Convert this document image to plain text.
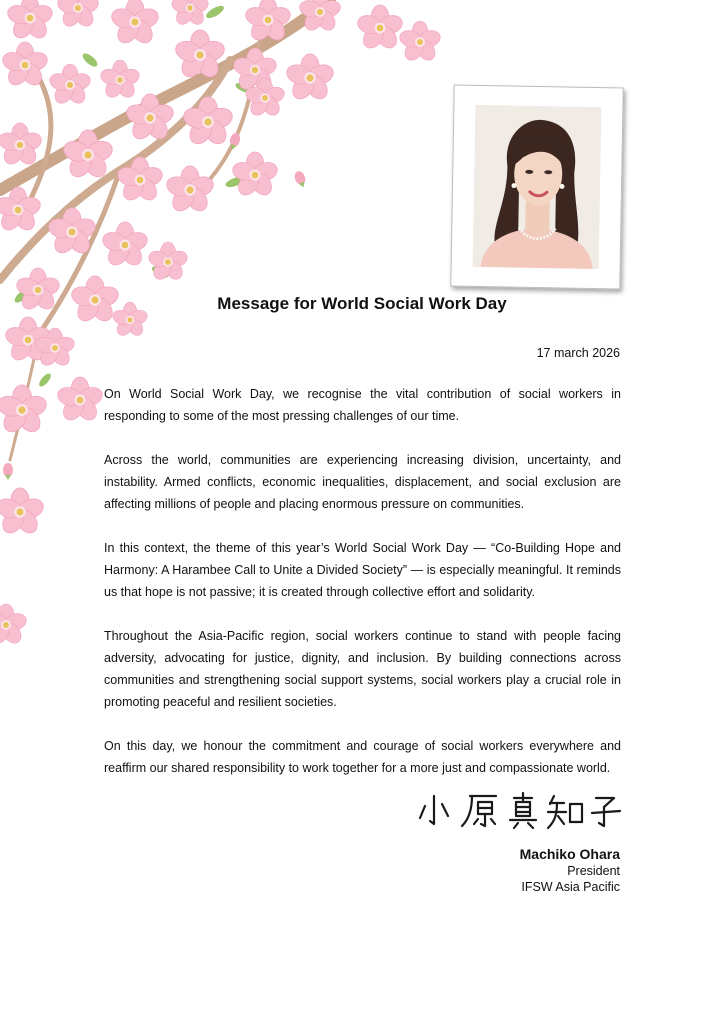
Message for World Social Work Day
17 march 2026

On World Social Work Day, we recognise the vital contribution of social workers in responding to some of the most pressing challenges of our time.

Across the world, communities are experiencing increasing division, uncertainty, and instability. Armed conflicts, economic inequalities, displacement, and social exclusion are affecting millions of people and placing enormous pressure on communities.

In this context, the theme of this year’s World Social Work Day — “Co-Building Hope and Harmony: A Harambee Call to Unite a Divided Society” — is especially meaningful. It reminds us that hope is not passive; it is created through collective effort and solidarity.

Throughout the Asia-Pacific region, social workers continue to stand with people facing adversity, advocating for justice, dignity, and inclusion. By building connections across communities and strengthening social support systems, social workers play a crucial role in promoting peaceful and resilient societies.

On this day, we honour the commitment and courage of social workers everywhere and reaffirm our shared responsibility to work together for a more just and compassionate world.

Machiko Ohara
President
IFSW Asia Pacific
